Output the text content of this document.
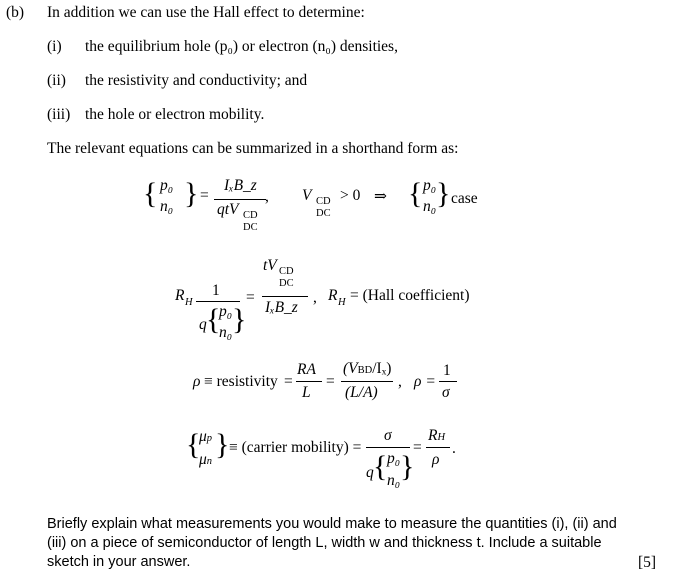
(b) In addition we can use the Hall effect to determine:
(i) the equilibrium hole (p₀) or electron (n₀) densities,
(ii) the resistivity and conductivity; and
(iii) the hole or electron mobility.
The relevant equations can be summarized in a shorthand form as:
{ p₀
n₀ } =
IₓB_z
qtV CD
DC
, V CD
DC
> 0 ⇒ { p₀
n₀ } case
R H
1
q {
p₀
n₀ }
=
tV CD
DC
IₓB_z
, R H = (Hall coefficient)
ρ ≡ resistivity =
RA
L
=
(VBD/Iₓ)
(L/A)
, ρ =
1
σ
{
μp
μn
} ≡ (carrier mobility) =
σ
q { p₀
n₀ }
=
RH
ρ
.
Briefly explain what measurements you would make to measure the quantities (i), (ii) and
(iii) on a piece of semiconductor of length L, width w and thickness t. Include a suitable
sketch in your answer.	[5]
